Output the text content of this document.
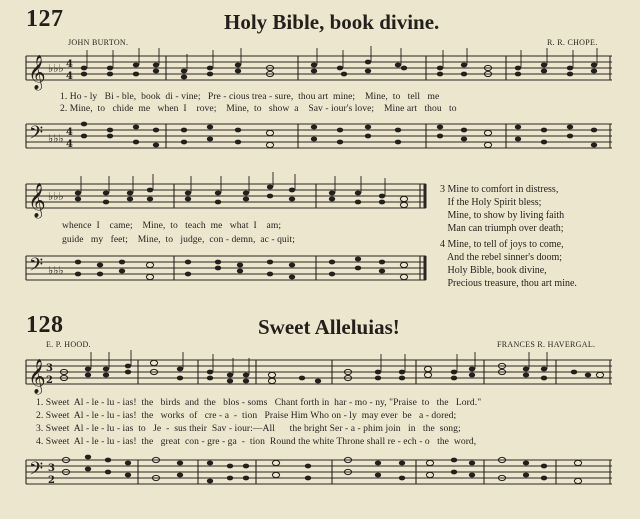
127	Holy Bible, book divine.
JOHN BURTON.	R. R. CHOPE.
𝄞 ♭♭♭ 4
4
1. Ho - ly   Bi - ble,  book  di - vine;   Pre - cious trea - sure,  thou art  mine;    Mine,  to   tell   me
2. Mine,  to   chide  me   when  I    rove;    Mine,  to   show  a    Sav - iour's love;    Mine art   thou   to
𝄢 ♭♭♭ 4
4
𝄞 ♭♭♭
whence  I    came;    Mine,  to   teach  me   what  I    am;
guide   my   feet;    Mine,  to   judge,  con - demn,  ac - quit;
𝄢 ♭♭♭
3 Mine to comfort in distress,
If the Holy Spirit bless;
Mine, to show by living faith
Man can triumph over death;
4 Mine, to tell of joys to come,
And the rebel sinner's doom;
Holy Bible, book divine,
Precious treasure, thou art mine.
128	Sweet Alleluias!
E. P. HOOD.	FRANCES R. HAVERGAL.
𝄞 3
2
1. Sweet  Al - le - lu - ias!  the   birds  and  the   blos - soms   Chant forth in  har - mo - ny, "Praise  to   the   Lord."
2. Sweet  Al - le - lu - ias!  the   works  of   cre - a  -  tion   Praise Him Who on - ly  may ever  be   a - dored;
3. Sweet  Al - le - lu - ias  to   Je  -  sus their  Sav - iour:—All      the bright Ser - a - phim join   in   the  song;
4. Sweet  Al - le - lu - ias!  the   great  con - gre - ga  -  tion  Round the white Throne shall re - ech - o   the  word,
𝄢 3
2
